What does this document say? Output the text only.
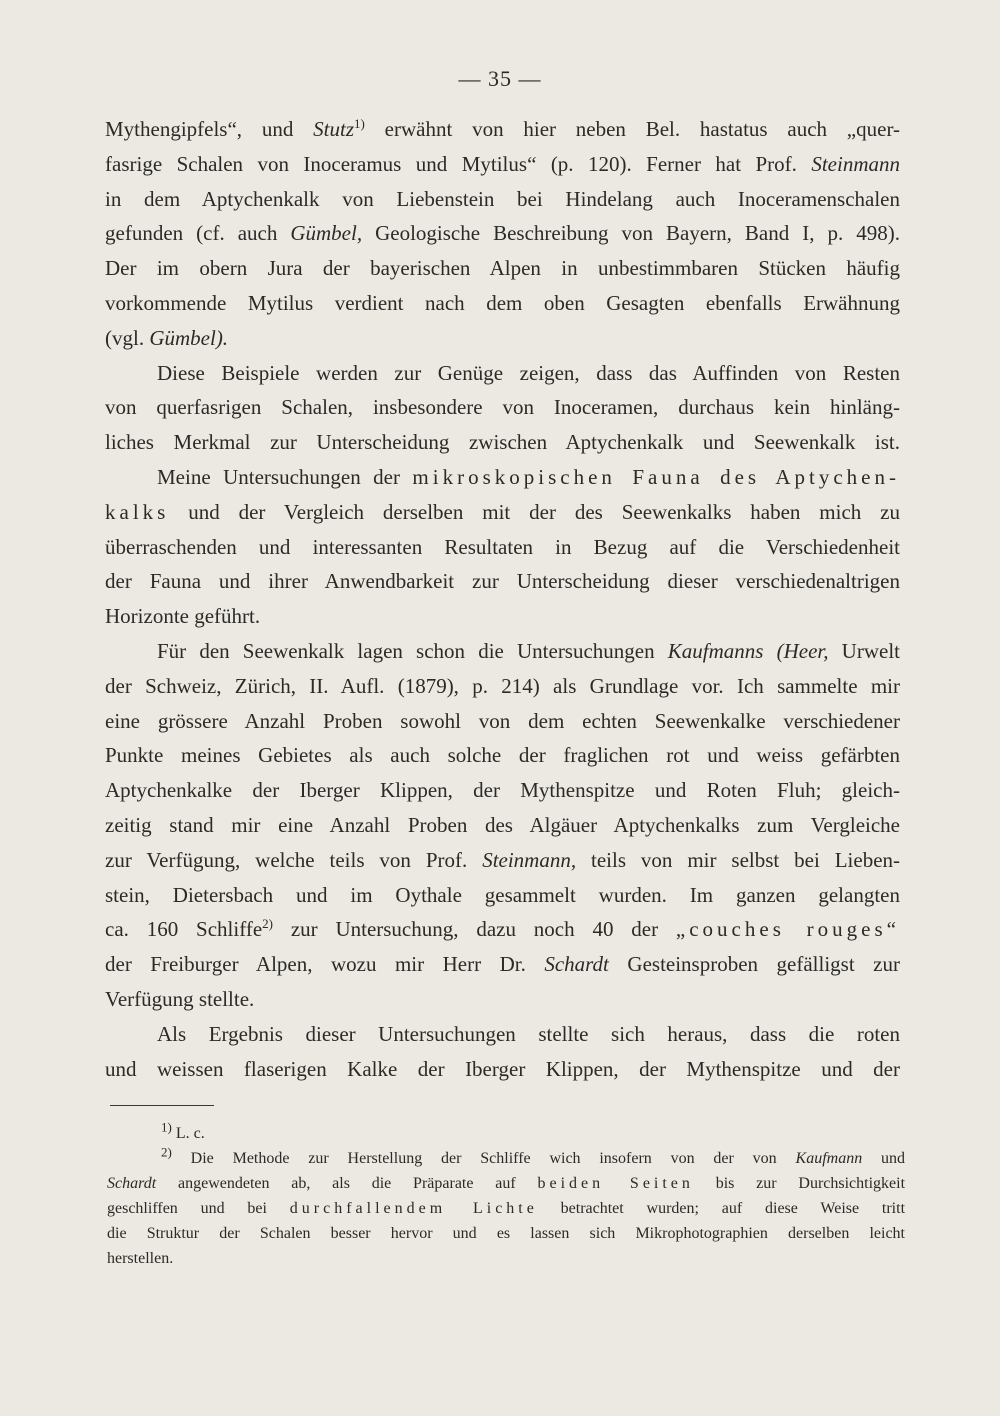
— 35 —

Mythengipfels“, und Stutz$^{1)}$ erwähnt von hier neben Bel. hastatus auch „quer-
fasrige Schalen von Inoceramus und Mytilus“ (p. 120). Ferner hat Prof. Steinmann
in dem Aptychenkalk von Liebenstein bei Hindelang auch Inoceramenschalen
gefunden (cf. auch Gümbel, Geologische Beschreibung von Bayern, Band I, p. 498).
Der im obern Jura der bayerischen Alpen in unbestimmbaren Stücken häufig
vorkommende Mytilus verdient nach dem oben Gesagten ebenfalls Erwähnung
(vgl. Gümbel).

Diese Beispiele werden zur Genüge zeigen, dass das Auffinden von Resten
von querfasrigen Schalen, insbesondere von Inoceramen, durchaus kein hinläng-
liches Merkmal zur Unterscheidung zwischen Aptychenkalk und Seewenkalk ist.

Meine Untersuchungen der mikroskopischen Fauna des Aptychen-
kalks und der Vergleich derselben mit der des Seewenkalks haben mich zu
überraschenden und interessanten Resultaten in Bezug auf die Verschiedenheit
der Fauna und ihrer Anwendbarkeit zur Unterscheidung dieser verschiedenaltrigen
Horizonte geführt.

Für den Seewenkalk lagen schon die Untersuchungen Kaufmanns (Heer, Urwelt
der Schweiz, Zürich, II. Aufl. (1879), p. 214) als Grundlage vor. Ich sammelte mir
eine grössere Anzahl Proben sowohl von dem echten Seewenkalke verschiedener
Punkte meines Gebietes als auch solche der fraglichen rot und weiss gefärbten
Aptychenkalke der Iberger Klippen, der Mythenspitze und Roten Fluh; gleich-
zeitig stand mir eine Anzahl Proben des Algäuer Aptychenkalks zum Vergleiche
zur Verfügung, welche teils von Prof. Steinmann, teils von mir selbst bei Lieben-
stein, Dietersbach und im Oythale gesammelt wurden. Im ganzen gelangten
ca. 160 Schliffe$^{2)}$ zur Untersuchung, dazu noch 40 der „couches rouges“
der Freiburger Alpen, wozu mir Herr Dr. Schardt Gesteinsproben gefälligst zur
Verfügung stellte.

Als Ergebnis dieser Untersuchungen stellte sich heraus, dass die roten
und weissen flaserigen Kalke der Iberger Klippen, der Mythenspitze und der

$^{1)}$ L. c.
$^{2)}$ Die Methode zur Herstellung der Schliffe wich insofern von der von Kaufmann und
Schardt angewendeten ab, als die Präparate auf beiden Seiten bis zur Durchsichtigkeit
geschliffen und bei durchfallendem Lichte betrachtet wurden; auf diese Weise tritt
die Struktur der Schalen besser hervor und es lassen sich Mikrophotographien derselben leicht
herstellen.
